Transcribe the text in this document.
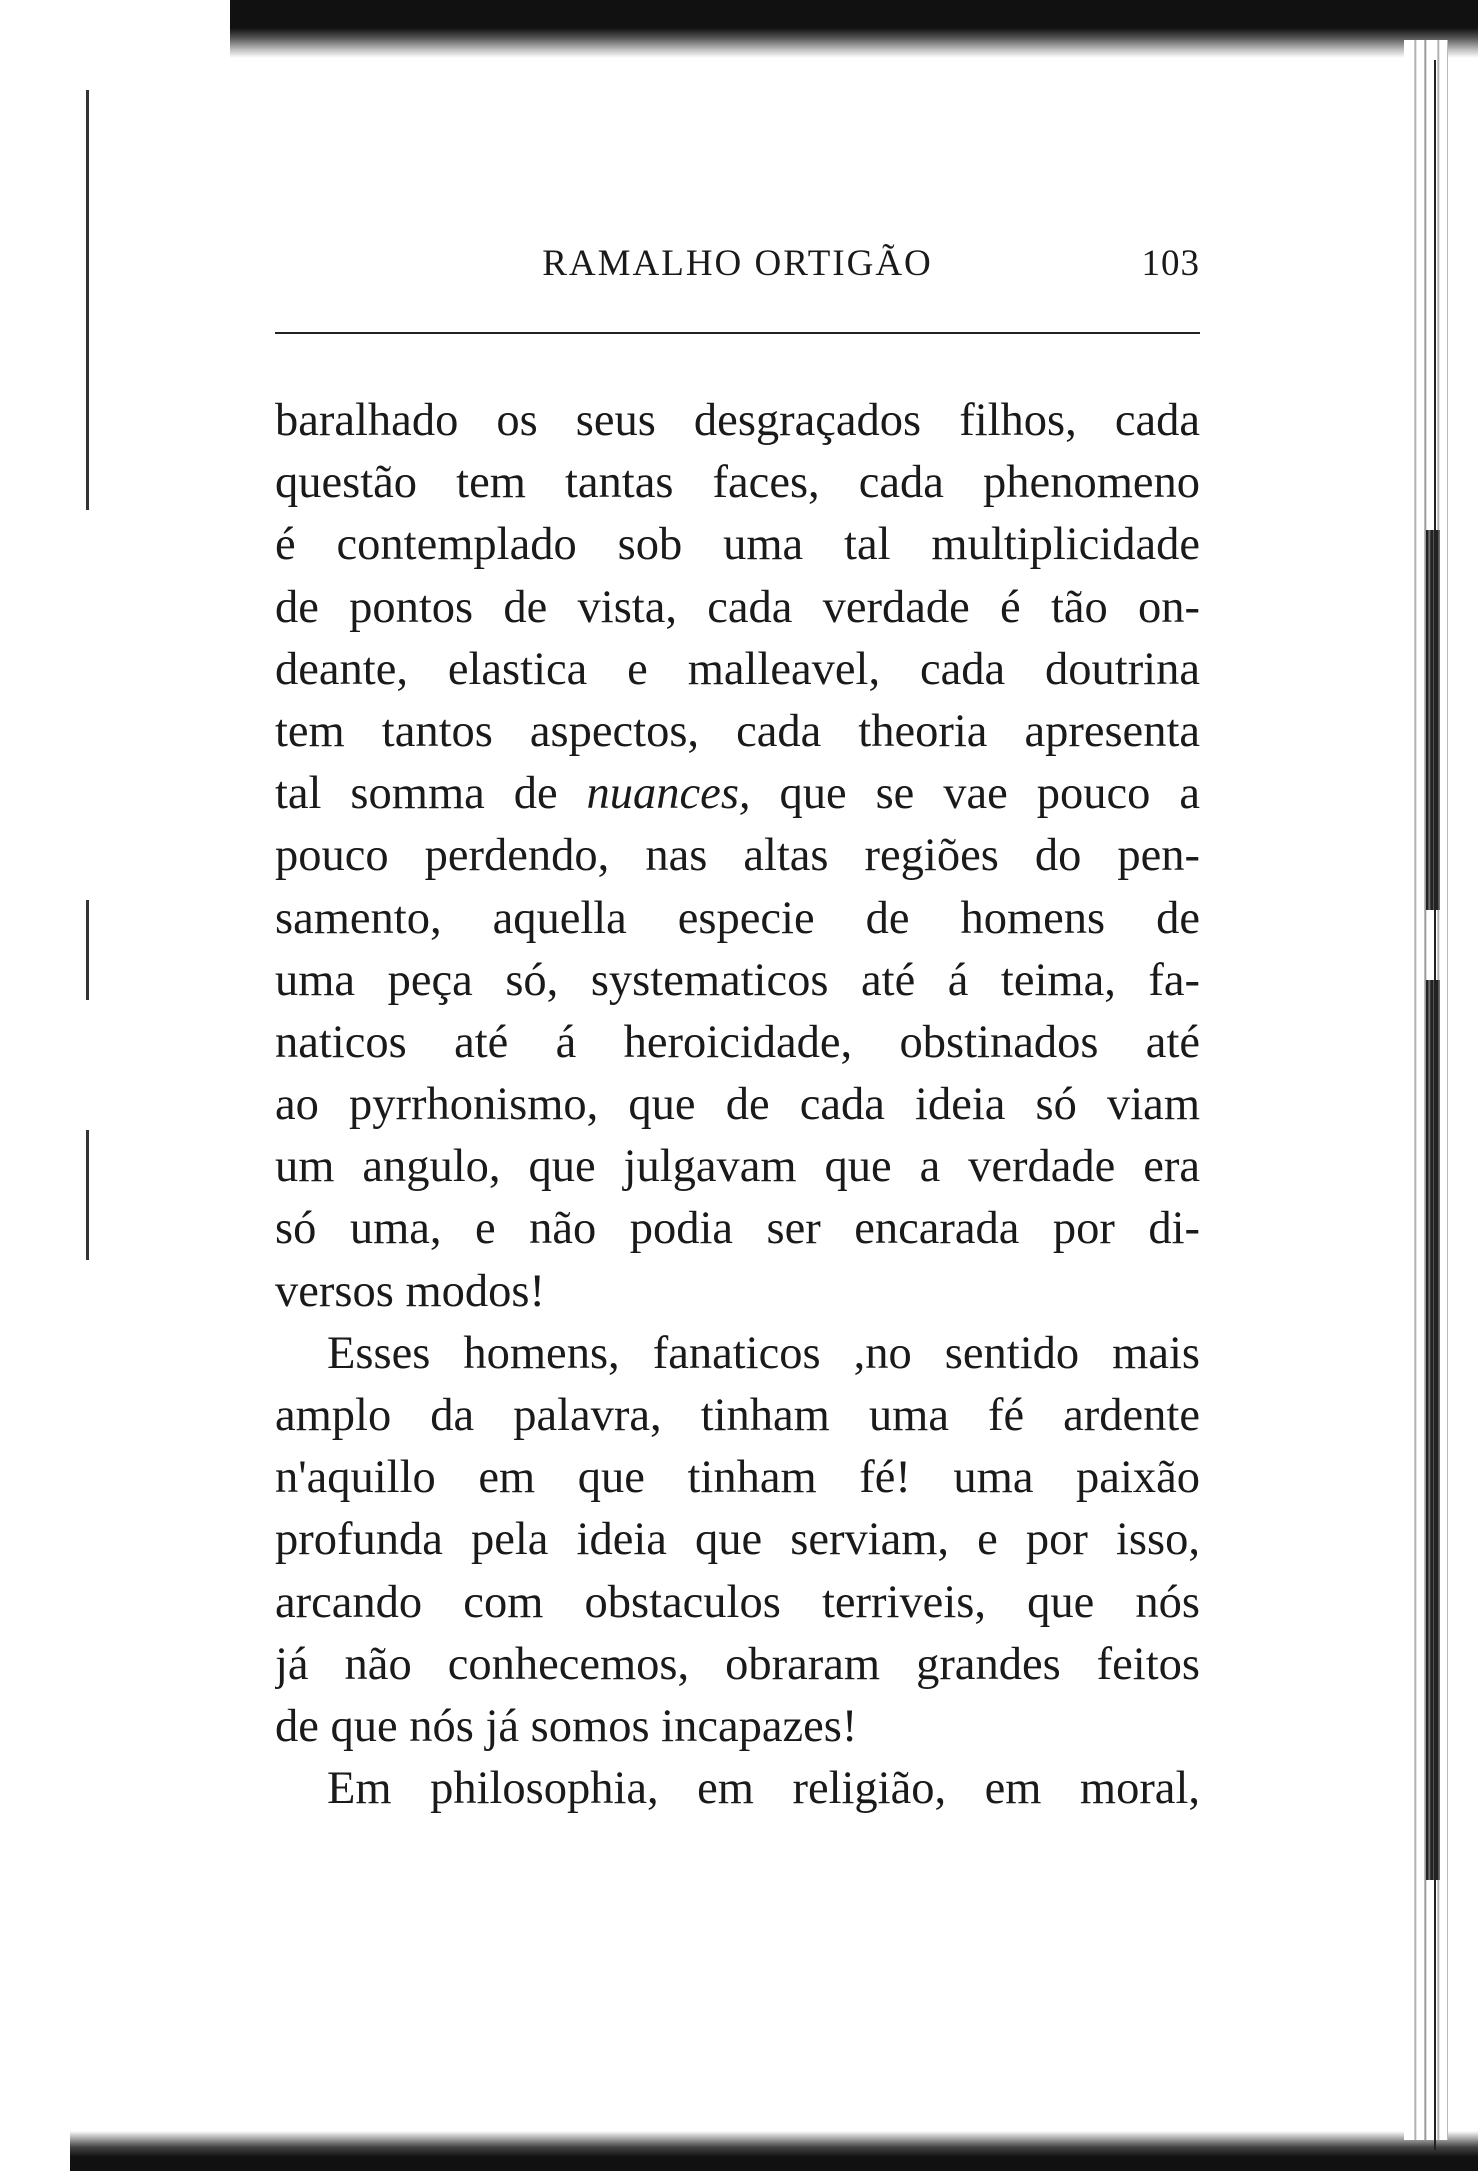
RAMALHO ORTIGÃO	103
baralhado os seus desgraçados filhos, cada
questão tem tantas faces, cada phenomeno
é contemplado sob uma tal multiplicidade
de pontos de vista, cada verdade é tão on-
deante, elastica e malleavel, cada doutrina
tem tantos aspectos, cada theoria apresenta
tal somma de nuances, que se vae pouco a
pouco perdendo, nas altas regiões do pen-
samento, aquella especie de homens de
uma peça só, systematicos até á teima, fa-
naticos até á heroicidade, obstinados até
ao pyrrhonismo, que de cada ideia só viam
um angulo, que julgavam que a verdade era
só uma, e não podia ser encarada por di-
versos modos!
Esses homens, fanaticos ,no sentido mais
amplo da palavra, tinham uma fé ardente
n'aquillo em que tinham fé! uma paixão
profunda pela ideia que serviam, e por isso,
arcando com obstaculos terriveis, que nós
já não conhecemos, obraram grandes feitos
de que nós já somos incapazes!
Em philosophia, em religião, em moral,
